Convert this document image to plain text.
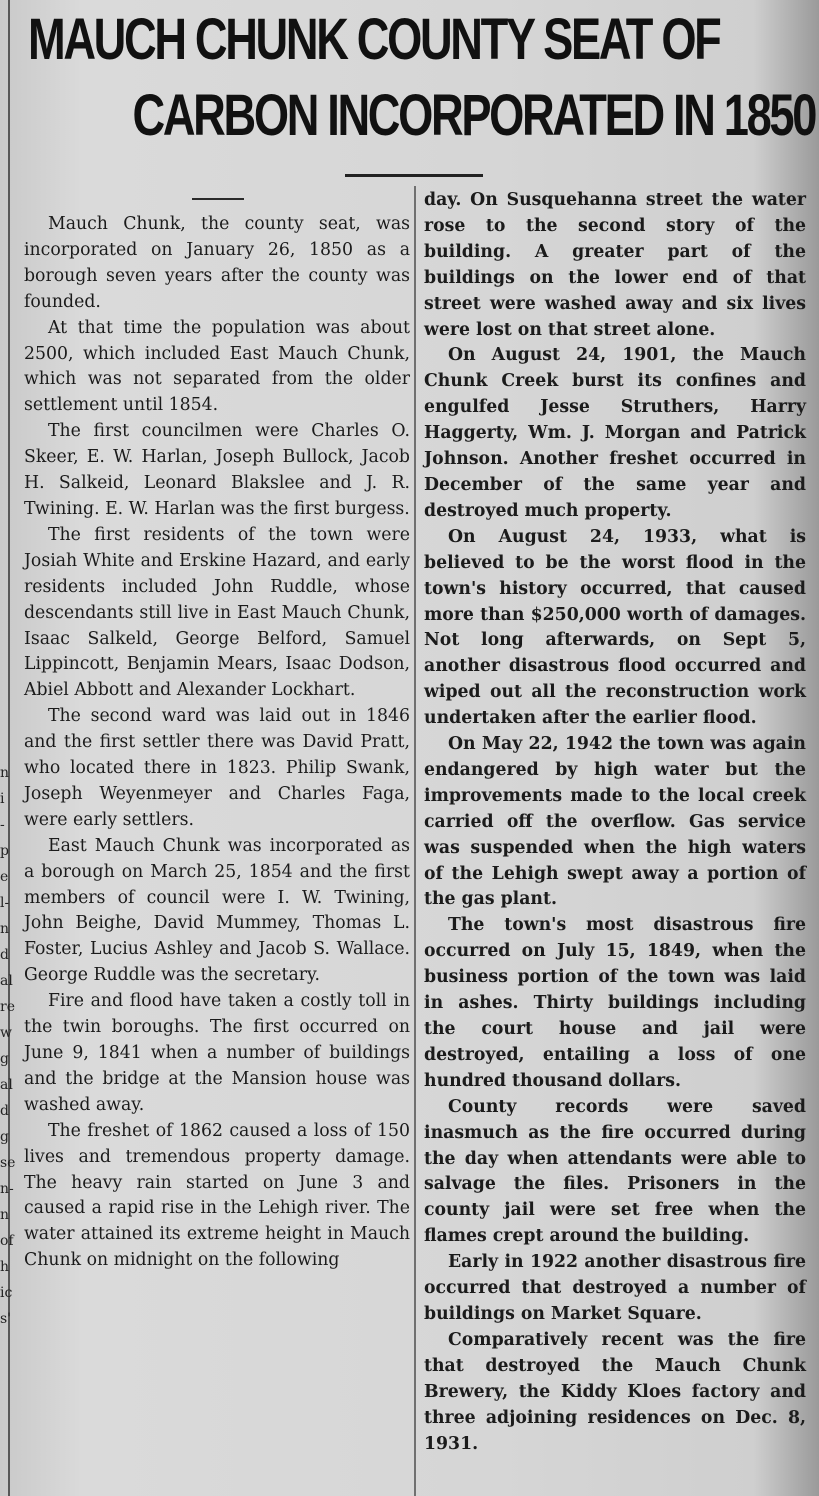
n
i
-
p
e
l-
n
d
al
re
w
g
al
d
g
se
n-
n
of
h
ic
s'
MAUCH CHUNK COUNTY SEAT OF
CARBON INCORPORATED IN 1850

Mauch Chunk, the county seat, was incorporated on January 26, 1850 as a borough seven years after the county was founded.

At that time the population was about 2500, which included East Mauch Chunk, which was not separated from the older settlement until 1854.

The first councilmen were Charles O. Skeer, E. W. Harlan, Joseph Bullock, Jacob H. Salkeid, Leonard Blakslee and J. R. Twining. E. W. Harlan was the first burgess.

The first residents of the town were Josiah White and Erskine Hazard, and early residents included John Ruddle, whose descendants still live in East Mauch Chunk, Isaac Salkeld, George Belford, Samuel Lippincott, Benjamin Mears, Isaac Dodson, Abiel Abbott and Alexander Lockhart.

The second ward was laid out in 1846 and the first settler there was David Pratt, who located there in 1823. Philip Swank, Joseph Weyenmeyer and Charles Faga, were early settlers.

East Mauch Chunk was incorporated as a borough on March 25, 1854 and the first members of council were I. W. Twining, John Beighe, David Mummey, Thomas L. Foster, Lucius Ashley and Jacob S. Wallace. George Ruddle was the secretary.

Fire and flood have taken a costly toll in the twin boroughs. The first occurred on June 9, 1841 when a number of buildings and the bridge at the Mansion house was washed away.

The freshet of 1862 caused a loss of 150 lives and tremendous property damage. The heavy rain started on June 3 and caused a rapid rise in the Lehigh river. The water attained its extreme height in Mauch Chunk on midnight on the following

day. On Susquehanna street the water rose to the second story of the building. A greater part of the buildings on the lower end of that street were washed away and six lives were lost on that street alone.

On August 24, 1901, the Mauch Chunk Creek burst its confines and engulfed Jesse Struthers, Harry Haggerty, Wm. J. Morgan and Patrick Johnson. Another freshet occurred in December of the same year and destroyed much property.

On August 24, 1933, what is believed to be the worst flood in the town's history occurred, that caused more than $250,000 worth of damages. Not long afterwards, on Sept 5, another disastrous flood occurred and wiped out all the reconstruction work undertaken after the earlier flood.

On May 22, 1942 the town was again endangered by high water but the improvements made to the local creek carried off the overflow. Gas service was suspended when the high waters of the Lehigh swept away a portion of the gas plant.

The town's most disastrous fire occurred on July 15, 1849, when the business portion of the town was laid in ashes. Thirty buildings including the court house and jail were destroyed, entailing a loss of one hundred thousand dollars.

County records were saved inasmuch as the fire occurred during the day when attendants were able to salvage the files. Prisoners in the county jail were set free when the flames crept around the building.

Early in 1922 another disastrous fire occurred that destroyed a number of buildings on Market Square.

Comparatively recent was the fire that destroyed the Mauch Chunk Brewery, the Kiddy Kloes factory and three adjoining residences on Dec. 8, 1931.
